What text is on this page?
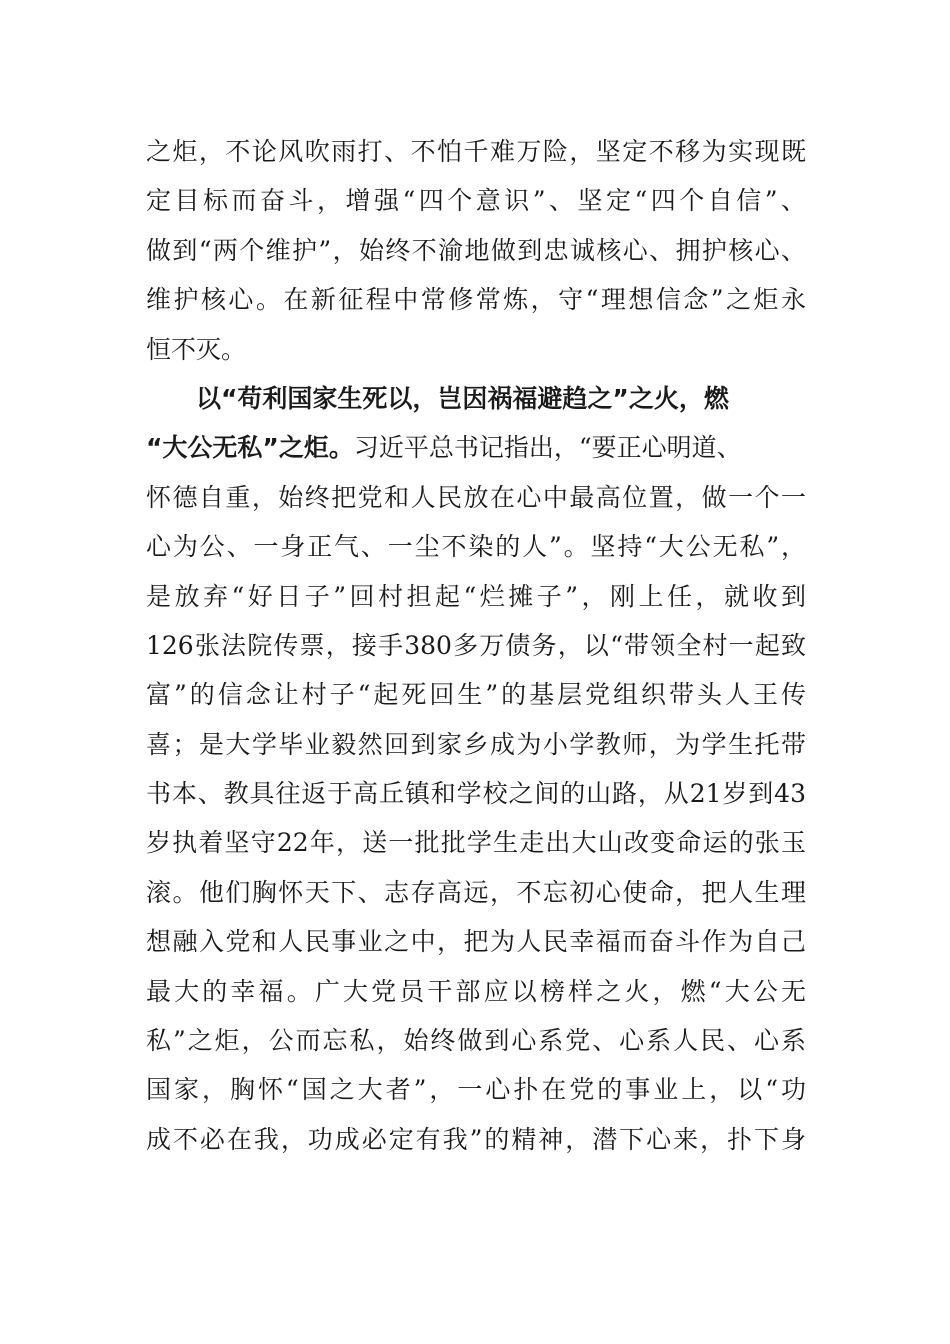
之炬，不论风吹雨打、不怕千难万险，坚定不移为实现既
定目标而奋斗，增强“四个意识”、坚定“四个自信”、
做到“两个维护”，始终不渝地做到忠诚核心、拥护核心、
维护核心。在新征程中常修常炼，守“理想信念”之炬永
恒不灭。
以“苟利国家生死以，岂因祸福避趋之”之火，燃
“大公无私”之炬。习近平总书记指出，“要正心明道、
怀德自重，始终把党和人民放在心中最高位置，做一个一
心为公、一身正气、一尘不染的人”。坚持“大公无私”，
是放弃“好日子”回村担起“烂摊子”，刚上任，就收到
126张法院传票，接手380多万债务，以“带领全村一起致
富”的信念让村子“起死回生”的基层党组织带头人王传
喜；是大学毕业毅然回到家乡成为小学教师，为学生托带
书本、教具往返于高丘镇和学校之间的山路，从21岁到43
岁执着坚守22年，送一批批学生走出大山改变命运的张玉
滚。他们胸怀天下、志存高远，不忘初心使命，把人生理
想融入党和人民事业之中，把为人民幸福而奋斗作为自己
最大的幸福。广大党员干部应以榜样之火，燃“大公无
私”之炬，公而忘私，始终做到心系党、心系人民、心系
国家，胸怀“国之大者”，一心扑在党的事业上，以“功
成不必在我，功成必定有我”的精神，潜下心来，扑下身
